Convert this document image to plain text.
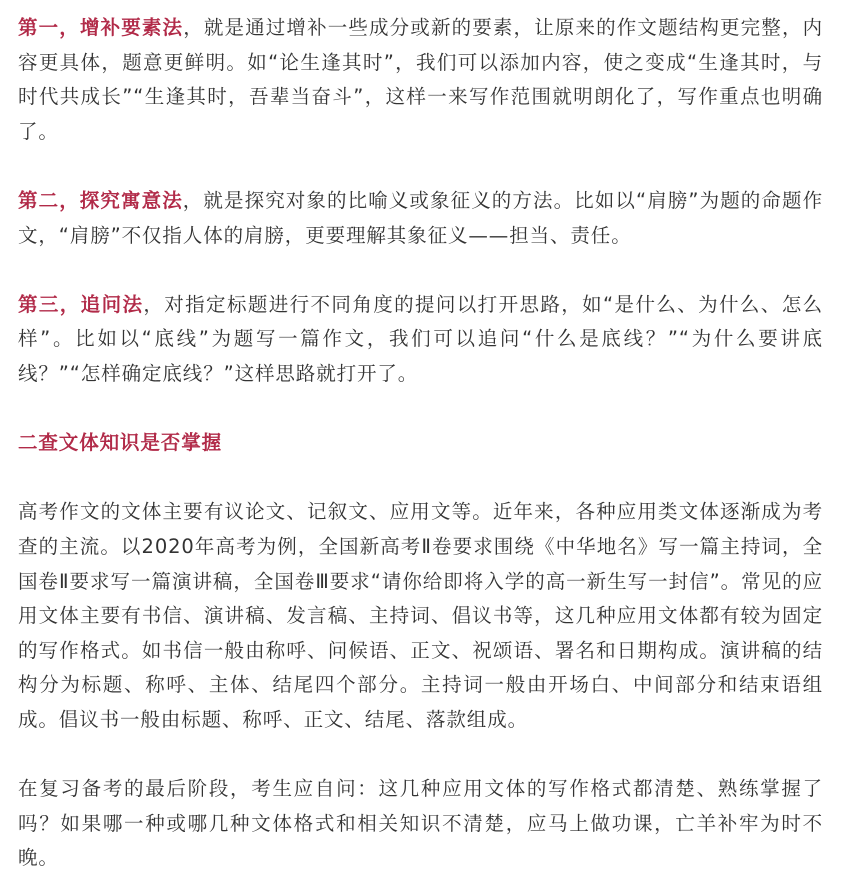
第一，增补要素法，就是通过增补一些成分或新的要素，让原来的作文题结构更完整，内容更具体，题意更鲜明。如“论生逢其时”，我们可以添加内容，使之变成“生逢其时，与时代共成长”“生逢其时，吾辈当奋斗”，这样一来写作范围就明朗化了，写作重点也明确了。

第二，探究寓意法，就是探究对象的比喻义或象征义的方法。比如以“肩膀”为题的命题作文，“肩膀”不仅指人体的肩膀，更要理解其象征义——担当、责任。

第三，追问法，对指定标题进行不同角度的提问以打开思路，如“是什么、为什么、怎么样”。比如以“底线”为题写一篇作文，我们可以追问“什么是底线？”“为什么要讲底线？”“怎样确定底线？”这样思路就打开了。

二查文体知识是否掌握

高考作文的文体主要有议论文、记叙文、应用文等。近年来，各种应用类文体逐渐成为考查的主流。以2020年高考为例，全国新高考Ⅱ卷要求围绕《中华地名》写一篇主持词，全国卷Ⅱ要求写一篇演讲稿，全国卷Ⅲ要求“请你给即将入学的高一新生写一封信”。常见的应用文体主要有书信、演讲稿、发言稿、主持词、倡议书等，这几种应用文体都有较为固定的写作格式。如书信一般由称呼、问候语、正文、祝颂语、署名和日期构成。演讲稿的结构分为标题、称呼、主体、结尾四个部分。主持词一般由开场白、中间部分和结束语组成。倡议书一般由标题、称呼、正文、结尾、落款组成。

在复习备考的最后阶段，考生应自问：这几种应用文体的写作格式都清楚、熟练掌握了吗？如果哪一种或哪几种文体格式和相关知识不清楚，应马上做功课，亡羊补牢为时不晚。
